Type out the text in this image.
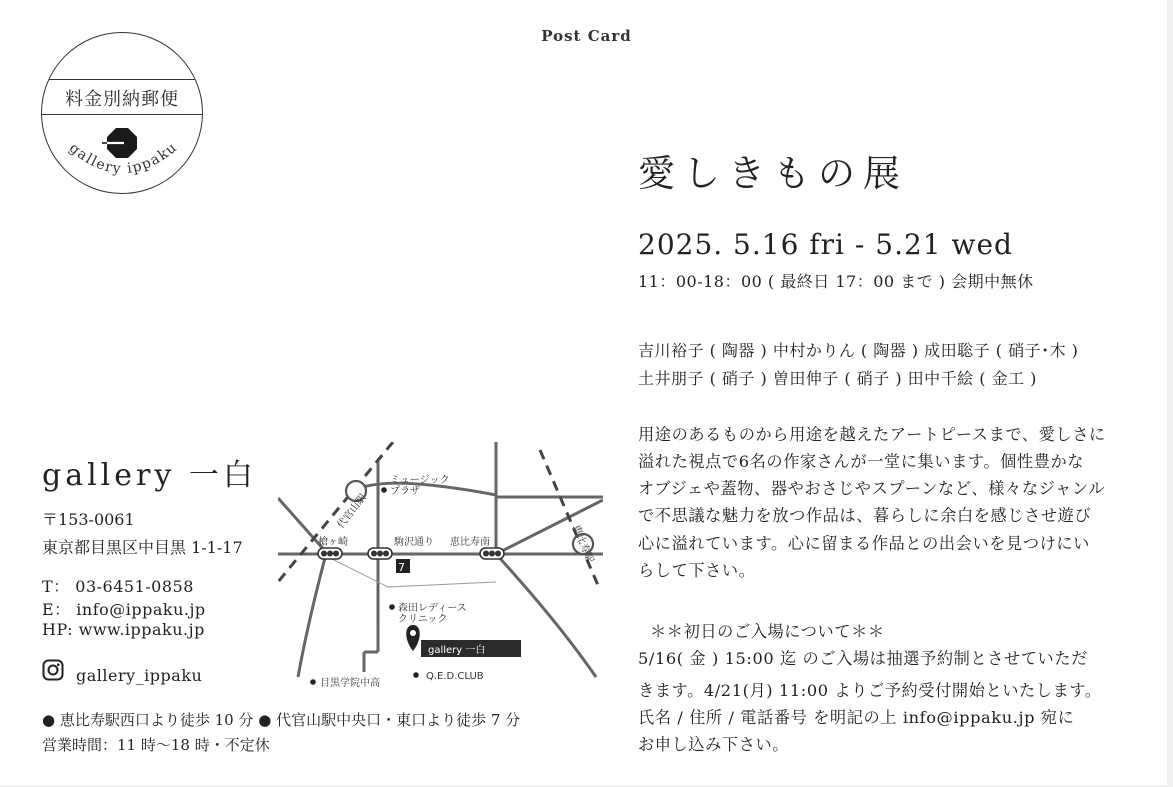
Post Card
料金別納郵便
gallery ippaku
gallery 一白
〒153-0061
東京都目黒区中目黒 1-1-17
T： 03-6451-0858
E： info@ippaku.jp
HP: www.ippaku.jp
gallery_ippaku
7
gallery 一白
代官山駅
恵比寿駅
ミュージック
プラザ
槍ヶ崎	駒沢通り 恵比寿南
森田レディース
クリニック
目黒学院中高
Q.E.D.CLUB
● 恵比寿駅西口より徒歩 10 分 ● 代官山駅中央口・東口より徒歩 7 分
営業時間：11 時～18 時・不定休
愛しきもの展
2025. 5.16 fri - 5.21 wed
11：00-18：00 ( 最終日 17：00 まで ) 会期中無休
吉川裕子 ( 陶器 ) 中村かりん ( 陶器 ) 成田聡子 ( 硝子･木 )
土井朋子 ( 硝子 ) 曽田伸子 ( 硝子 ) 田中千絵 ( 金工 )
用途のあるものから用途を越えたアートピースまで、愛しさに
溢れた視点で6名の作家さんが一堂に集います。個性豊かな
オブジェや蓋物、器やおさじやスプーンなど、様々なジャンル
で不思議な魅力を放つ作品は、暮らしに余白を感じさせ遊び
心に溢れています。心に留まる作品との出会いを見つけにい
らして下さい。
＊＊初日のご入場について＊＊
5/16( 金 ) 15:00 迄 のご入場は抽選予約制とさせていただ
きます。4/21(月) 11:00 よりご予約受付開始といたします。
氏名 / 住所 / 電話番号 を明記の上 info@ippaku.jp 宛に
お申し込み下さい。
